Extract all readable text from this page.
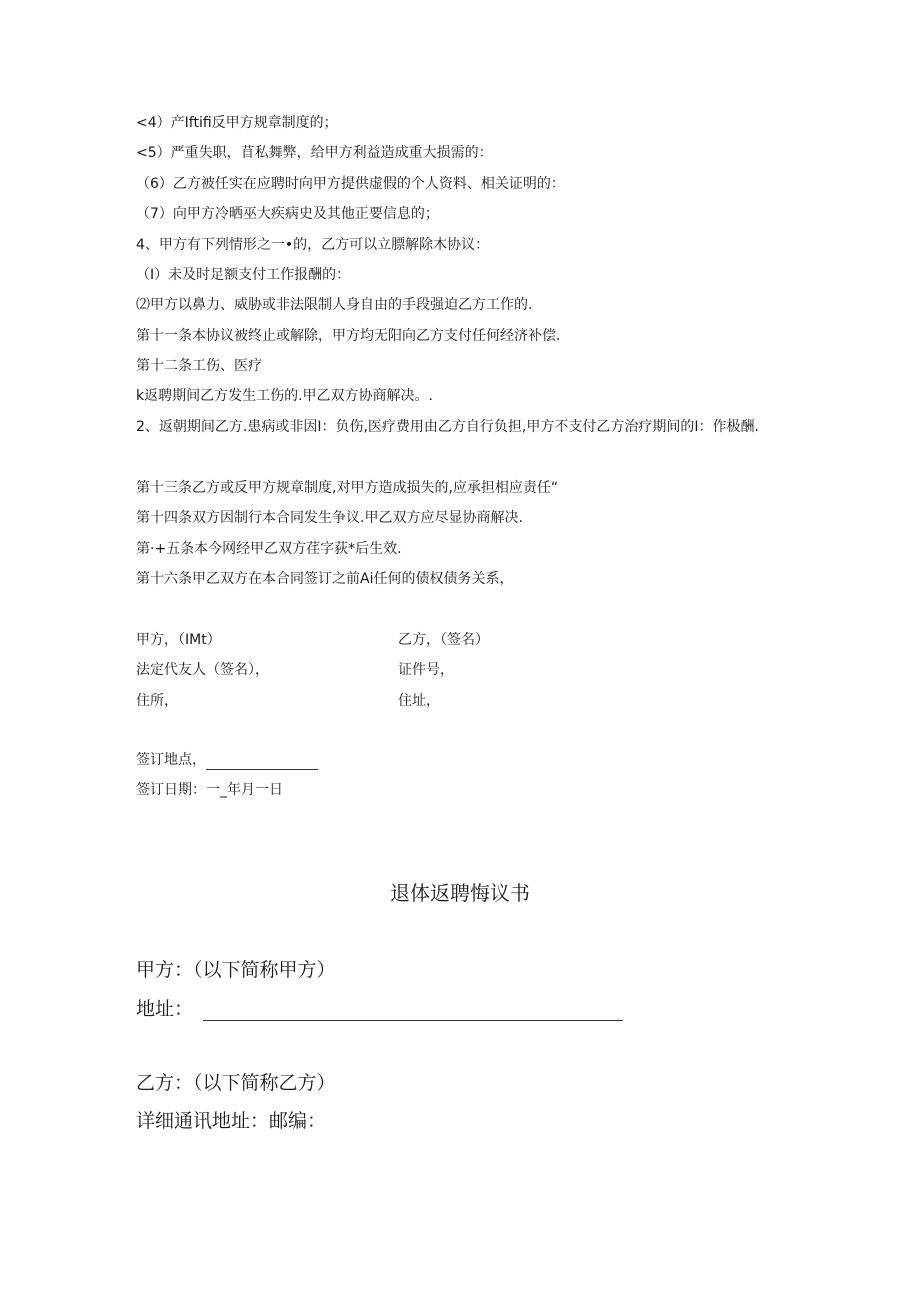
<4）产Iftifi反甲方规章制度的；
<5）严重失职，苜私舞弊，给甲方利益造成重大损需的：
（6）乙方被任实在应聘时向甲方提供虚假的个人资料、相关证明的：
（7）向甲方冷晒巫大疾病史及其他正要信息的；
4、甲方有下列情形之一•的，乙方可以立膘解除木协议：
（I）未及时足额支付工作报酬的：
⑵甲方以鼻力、威胁或非法限制人身自由的手段强迫乙方工作的.
第十一条本协议被终止或解除，甲方均无阳向乙方支付任何经济补偿.
第十二条工伤、医疗
k返聘期间乙方发生工伤的.甲乙双方协商解决。.
2、返朝期间乙方.患病或非因I：负伤,医疗费用由乙方自行负担,甲方不支付乙方治疗期间的I：作极酬.
第十三条乙方或反甲方规章制度,对甲方造成损失的,应承担相应责任“
第十四条双方因制行本合同发生争议.甲乙双方应尽显协商解决.
第·+五条本今网经甲乙双方荏字荻*后生效.
第十六条甲乙双方在本合同签订之前Ai任何的债权债务关系，
甲方，（IMt）	乙方，（签名）
法定代友人（签名），	证件号，
住所，	住址，
签订地点，
签订日期：一_年月一日
退体返聘悔议书
甲方：（以下简称甲方）
地址：
乙方：（以下简称乙方）
详细通讯地址：邮编：
